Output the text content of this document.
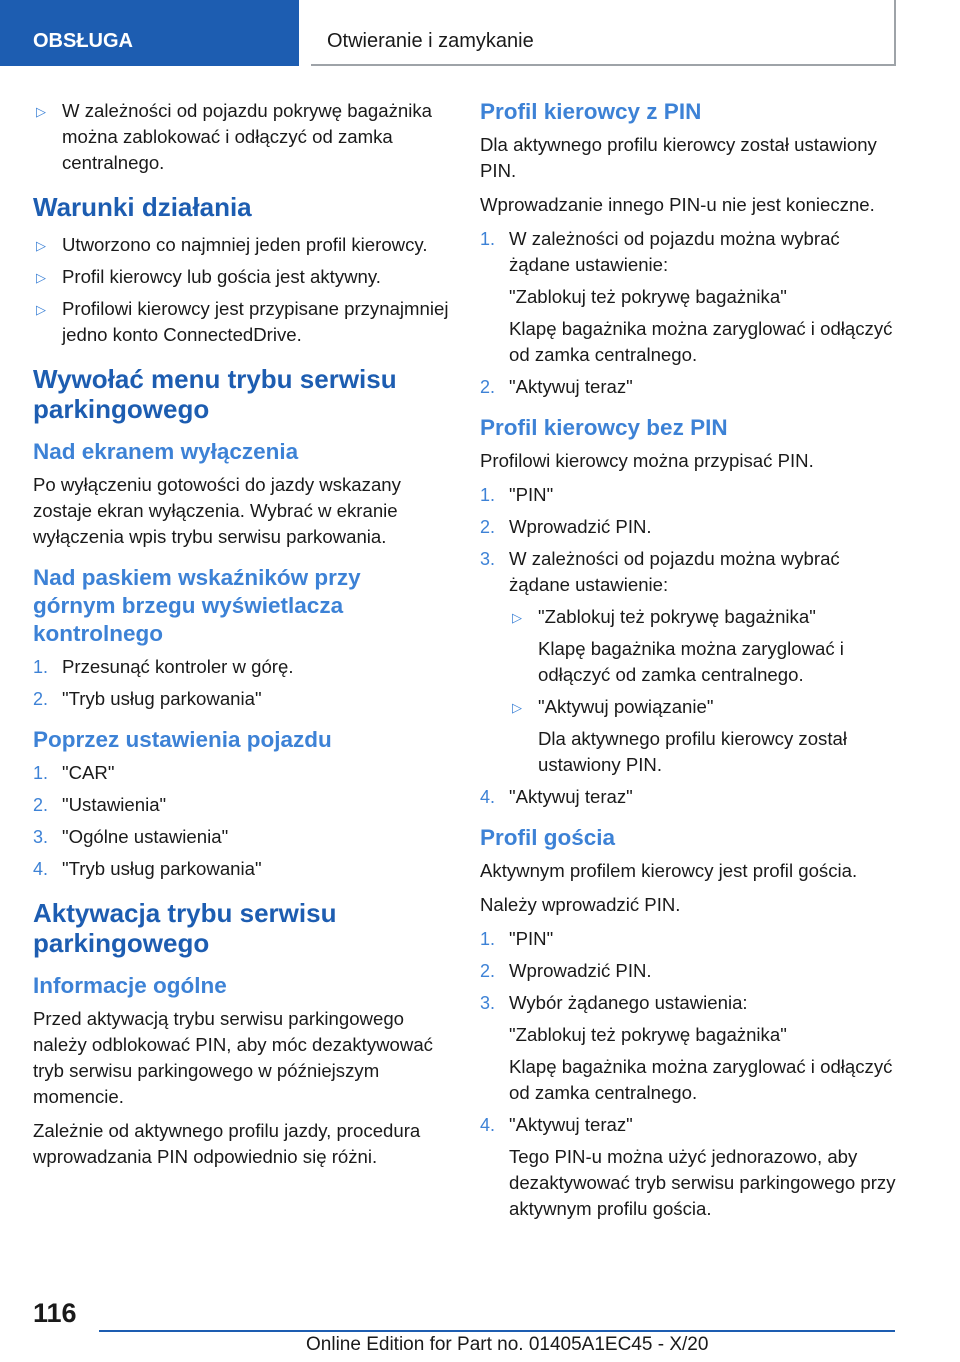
OBSŁUGA	Otwieranie i zamykanie
▷ W zależności od pojazdu pokrywę bagażnika można zablokować i odłączyć od zamka centralnego.
Warunki działania
▷ Utworzono co najmniej jeden profil kierowcy.
▷ Profil kierowcy lub gościa jest aktywny.
▷ Profilowi kierowcy jest przypisane przynajmniej jedno konto ConnectedDrive.
Wywołać menu trybu serwisu parkingowego
Nad ekranem wyłączenia

Po wyłączeniu gotowości do jazdy wskazany zostaje ekran wyłączenia. Wybrać w ekranie wyłączenia wpis trybu serwisu parkowania.

Nad paskiem wskaźników przy górnym brzegu wyświetlacza kontrolnego
1. Przesunąć kontroler w górę.
2. "Tryb usług parkowania"
Poprzez ustawienia pojazdu
1. "CAR"
2. "Ustawienia"
3. "Ogólne ustawienia"
4. "Tryb usług parkowania"
Aktywacja trybu serwisu parkingowego
Informacje ogólne

Przed aktywacją trybu serwisu parkingowego należy odblokować PIN, aby móc dezaktywować tryb serwisu parkingowego w późniejszym momencie.

Zależnie od aktywnego profilu jazdy, procedura wprowadzania PIN odpowiednio się różni.

Profil kierowcy z PIN

Dla aktywnego profilu kierowcy został ustawiony PIN.

Wprowadzanie innego PIN-u nie jest konieczne.

1. W zależności od pojazdu można wybrać żądane ustawienie:
"Zablokuj też pokrywę bagażnika"
Klapę bagażnika można zaryglować i odłączyć od zamka centralnego.
2. "Aktywuj teraz"
Profil kierowcy bez PIN

Profilowi kierowcy można przypisać PIN.

1. "PIN"
2. Wprowadzić PIN.
3. W zależności od pojazdu można wybrać żądane ustawienie:
▷ "Zablokuj też pokrywę bagażnika"
Klapę bagażnika można zaryglować i odłączyć od zamka centralnego.
▷ "Aktywuj powiązanie"
Dla aktywnego profilu kierowcy został ustawiony PIN.
4. "Aktywuj teraz"
Profil gościa

Aktywnym profilem kierowcy jest profil gościa.

Należy wprowadzić PIN.

1. "PIN"
2. Wprowadzić PIN.
3. Wybór żądanego ustawienia:
"Zablokuj też pokrywę bagażnika"
Klapę bagażnika można zaryglować i odłączyć od zamka centralnego.
4. "Aktywuj teraz"
Tego PIN-u można użyć jednorazowo, aby dezaktywować tryb serwisu parkingowego przy aktywnym profilu gościa.
116
Online Edition for Part no. 01405A1EC45 - X/20
